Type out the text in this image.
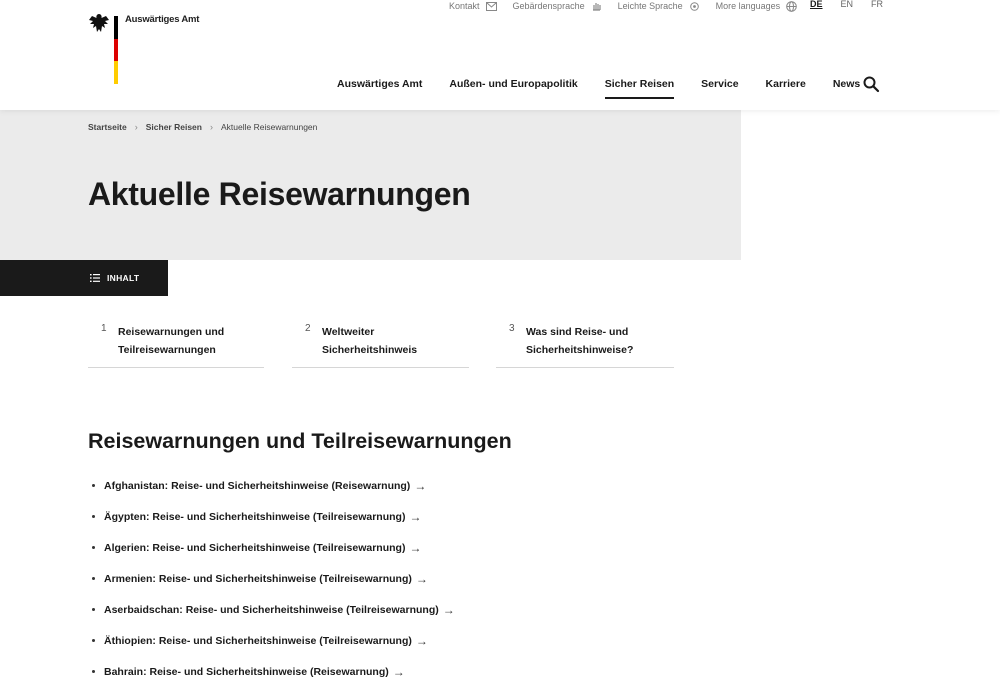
Auswärtiges Amt
Kontakt	Gebärdensprache	Leichte Sprache	More languages	DE EN FR
Auswärtiges Amt	Außen- und Europapolitik	Sicher Reisen	Service	Karriere	News
Startseite › Sicher Reisen › Aktuelle Reisewarnungen
Aktuelle Reisewarnungen
INHALT
1 Reisewarnungen und
Teilreisewarnungen
2 Weltweiter
Sicherheitshinweis
3 Was sind Reise- und
Sicherheitshinweise?
Reisewarnungen und Teilreisewarnungen
Afghanistan: Reise- und Sicherheitshinweise (Reisewarnung) →
Ägypten: Reise- und Sicherheitshinweise (Teilreisewarnung) →
Algerien: Reise- und Sicherheitshinweise (Teilreisewarnung) →
Armenien: Reise- und Sicherheitshinweise (Teilreisewarnung) →
Aserbaidschan: Reise- und Sicherheitshinweise (Teilreisewarnung) →
Äthiopien: Reise- und Sicherheitshinweise (Teilreisewarnung) →
Bahrain: Reise- und Sicherheitshinweise (Reisewarnung) →
